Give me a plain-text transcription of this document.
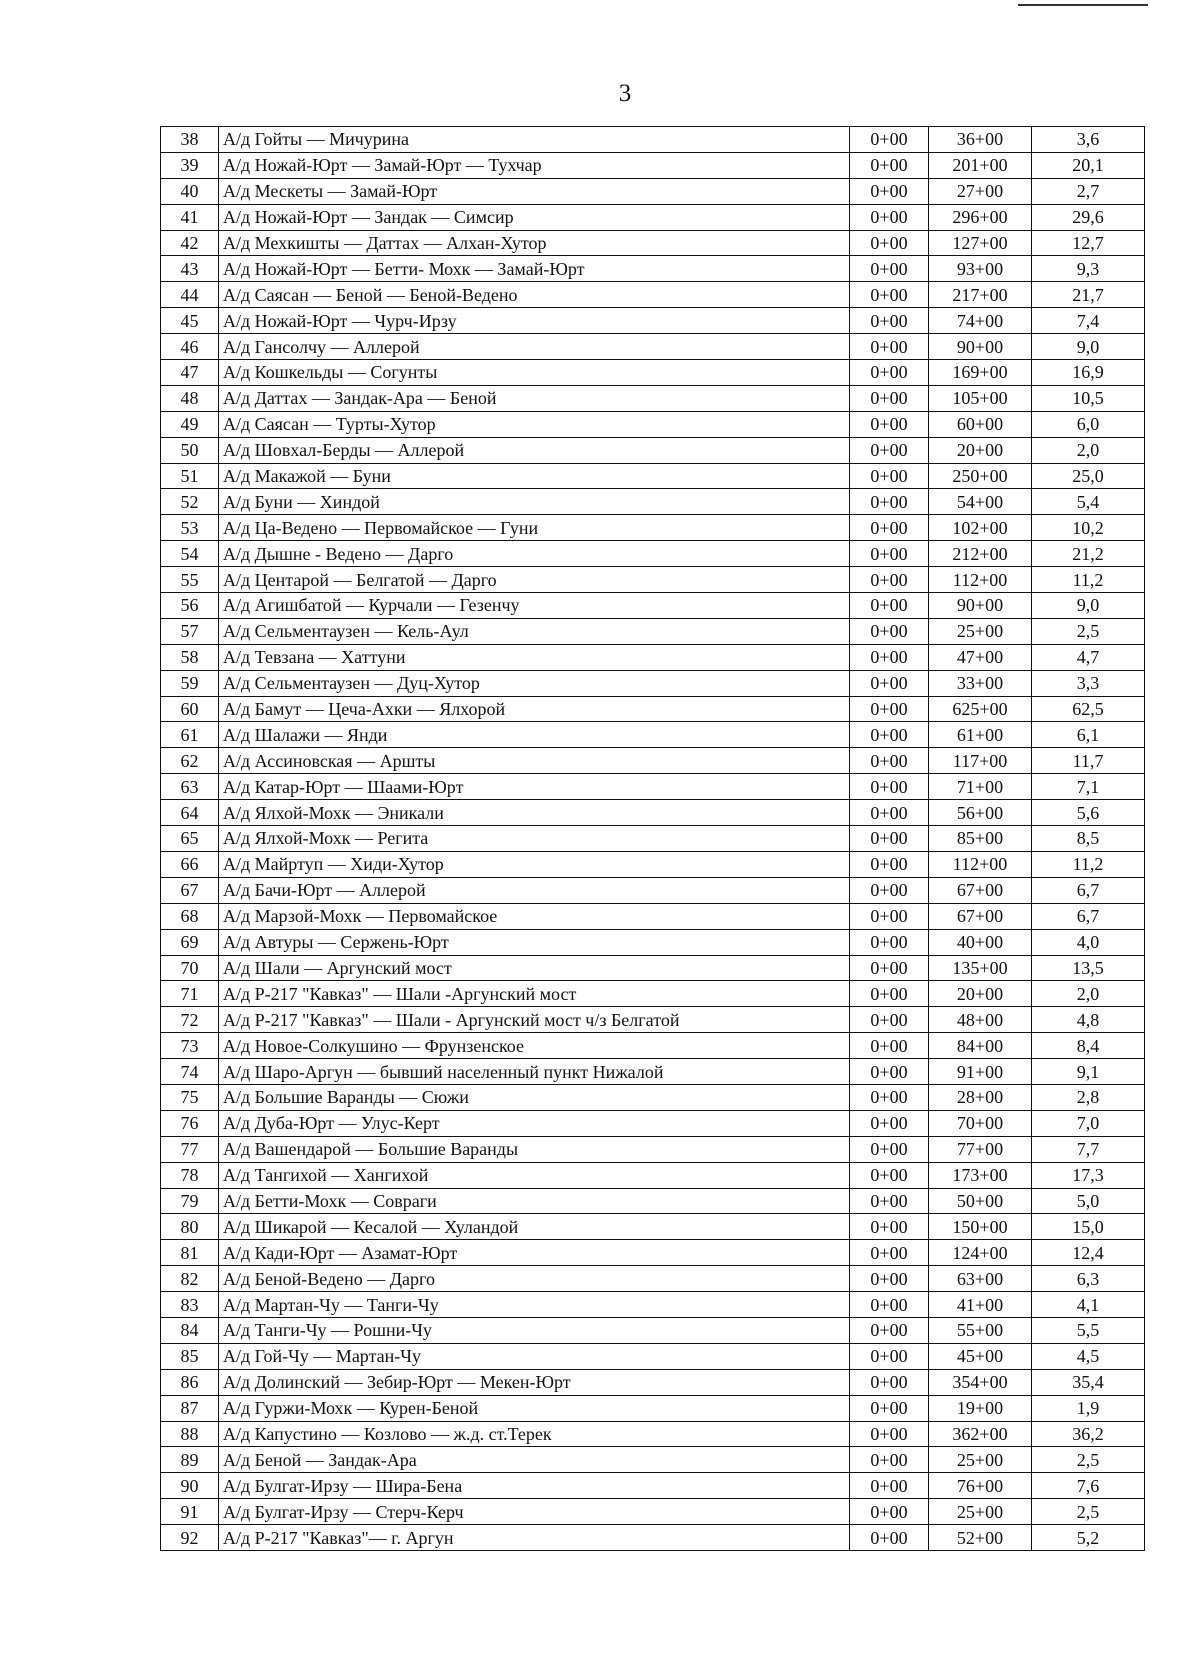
3
38	А/д Гойты — Мичурина	0+00	36+00	3,6
39	А/д Ножай-Юрт — Замай-Юрт — Тухчар	0+00	201+00	20,1
40	А/д Мескеты — Замай-Юрт	0+00	27+00	2,7
41	А/д Ножай-Юрт — Зандак — Симсир	0+00	296+00	29,6
42	А/д Мехкишты — Даттах — Алхан-Хутор	0+00	127+00	12,7
43	А/д Ножай-Юрт — Бетти- Мохк — Замай-Юрт	0+00	93+00	9,3
44	А/д Саясан — Беной — Беной-Ведено	0+00	217+00	21,7
45	А/д Ножай-Юрт — Чурч-Ирзу	0+00	74+00	7,4
46	А/д Гансолчу — Аллерой	0+00	90+00	9,0
47	А/д Кошкельды — Согунты	0+00	169+00	16,9
48	А/д Даттах — Зандак-Ара — Беной	0+00	105+00	10,5
49	А/д Саясан — Турты-Хутор	0+00	60+00	6,0
50	А/д Шовхал-Берды — Аллерой	0+00	20+00	2,0
51	А/д Макажой — Буни	0+00	250+00	25,0
52	А/д Буни — Хиндой	0+00	54+00	5,4
53	А/д Ца-Ведено — Первомайское — Гуни	0+00	102+00	10,2
54	А/д Дышне - Ведено — Дарго	0+00	212+00	21,2
55	А/д Центарой — Белгатой — Дарго	0+00	112+00	11,2
56	А/д Агишбатой — Курчали — Гезенчу	0+00	90+00	9,0
57	А/д Сельментаузен — Кель-Аул	0+00	25+00	2,5
58	А/д Тевзана — Хаттуни	0+00	47+00	4,7
59	А/д Сельментаузен — Дуц-Хутор	0+00	33+00	3,3
60	А/д Бамут — Цеча-Ахки — Ялхорой	0+00	625+00	62,5
61	А/д Шалажи — Янди	0+00	61+00	6,1
62	А/д Ассиновская — Аршты	0+00	117+00	11,7
63	А/д Катар-Юрт — Шаами-Юрт	0+00	71+00	7,1
64	А/д Ялхой-Мохк — Эникали	0+00	56+00	5,6
65	А/д Ялхой-Мохк — Регита	0+00	85+00	8,5
66	А/д Майртуп — Хиди-Хутор	0+00	112+00	11,2
67	А/д Бачи-Юрт — Аллерой	0+00	67+00	6,7
68	А/д Марзой-Мохк — Первомайское	0+00	67+00	6,7
69	А/д Автуры — Сержень-Юрт	0+00	40+00	4,0
70	А/д Шали — Аргунский мост	0+00	135+00	13,5
71	А/д Р-217 "Кавказ" — Шали -Аргунский мост	0+00	20+00	2,0
72	А/д Р-217 "Кавказ" — Шали - Аргунский мост ч/з Белгатой	0+00	48+00	4,8
73	А/д Новое-Солкушино — Фрунзенское	0+00	84+00	8,4
74	А/д Шаро-Аргун — бывший населенный пункт Нижалой	0+00	91+00	9,1
75	А/д Большие Варанды — Сюжи	0+00	28+00	2,8
76	А/д Дуба-Юрт — Улус-Керт	0+00	70+00	7,0
77	А/д Вашендарой — Большие Варанды	0+00	77+00	7,7
78	А/д Тангихой — Хангихой	0+00	173+00	17,3
79	А/д Бетти-Мохк — Совраги	0+00	50+00	5,0
80	А/д Шикарой — Кесалой — Хуландой	0+00	150+00	15,0
81	А/д Кади-Юрт — Азамат-Юрт	0+00	124+00	12,4
82	А/д Беной-Ведено — Дарго	0+00	63+00	6,3
83	А/д Мартан-Чу — Танги-Чу	0+00	41+00	4,1
84	А/д Танги-Чу — Рошни-Чу	0+00	55+00	5,5
85	А/д Гой-Чу — Мартан-Чу	0+00	45+00	4,5
86	А/д Долинский — Зебир-Юрт — Мекен-Юрт	0+00	354+00	35,4
87	А/д Гуржи-Мохк — Курен-Беной	0+00	19+00	1,9
88	А/д Капустино — Козлово — ж.д. ст.Терек	0+00	362+00	36,2
89	А/д Беной — Зандак-Ара	0+00	25+00	2,5
90	А/д Булгат-Ирзу — Шира-Бена	0+00	76+00	7,6
91	А/д Булгат-Ирзу — Стерч-Керч	0+00	25+00	2,5
92	А/д Р-217 "Кавказ"— г. Аргун	0+00	52+00	5,2
